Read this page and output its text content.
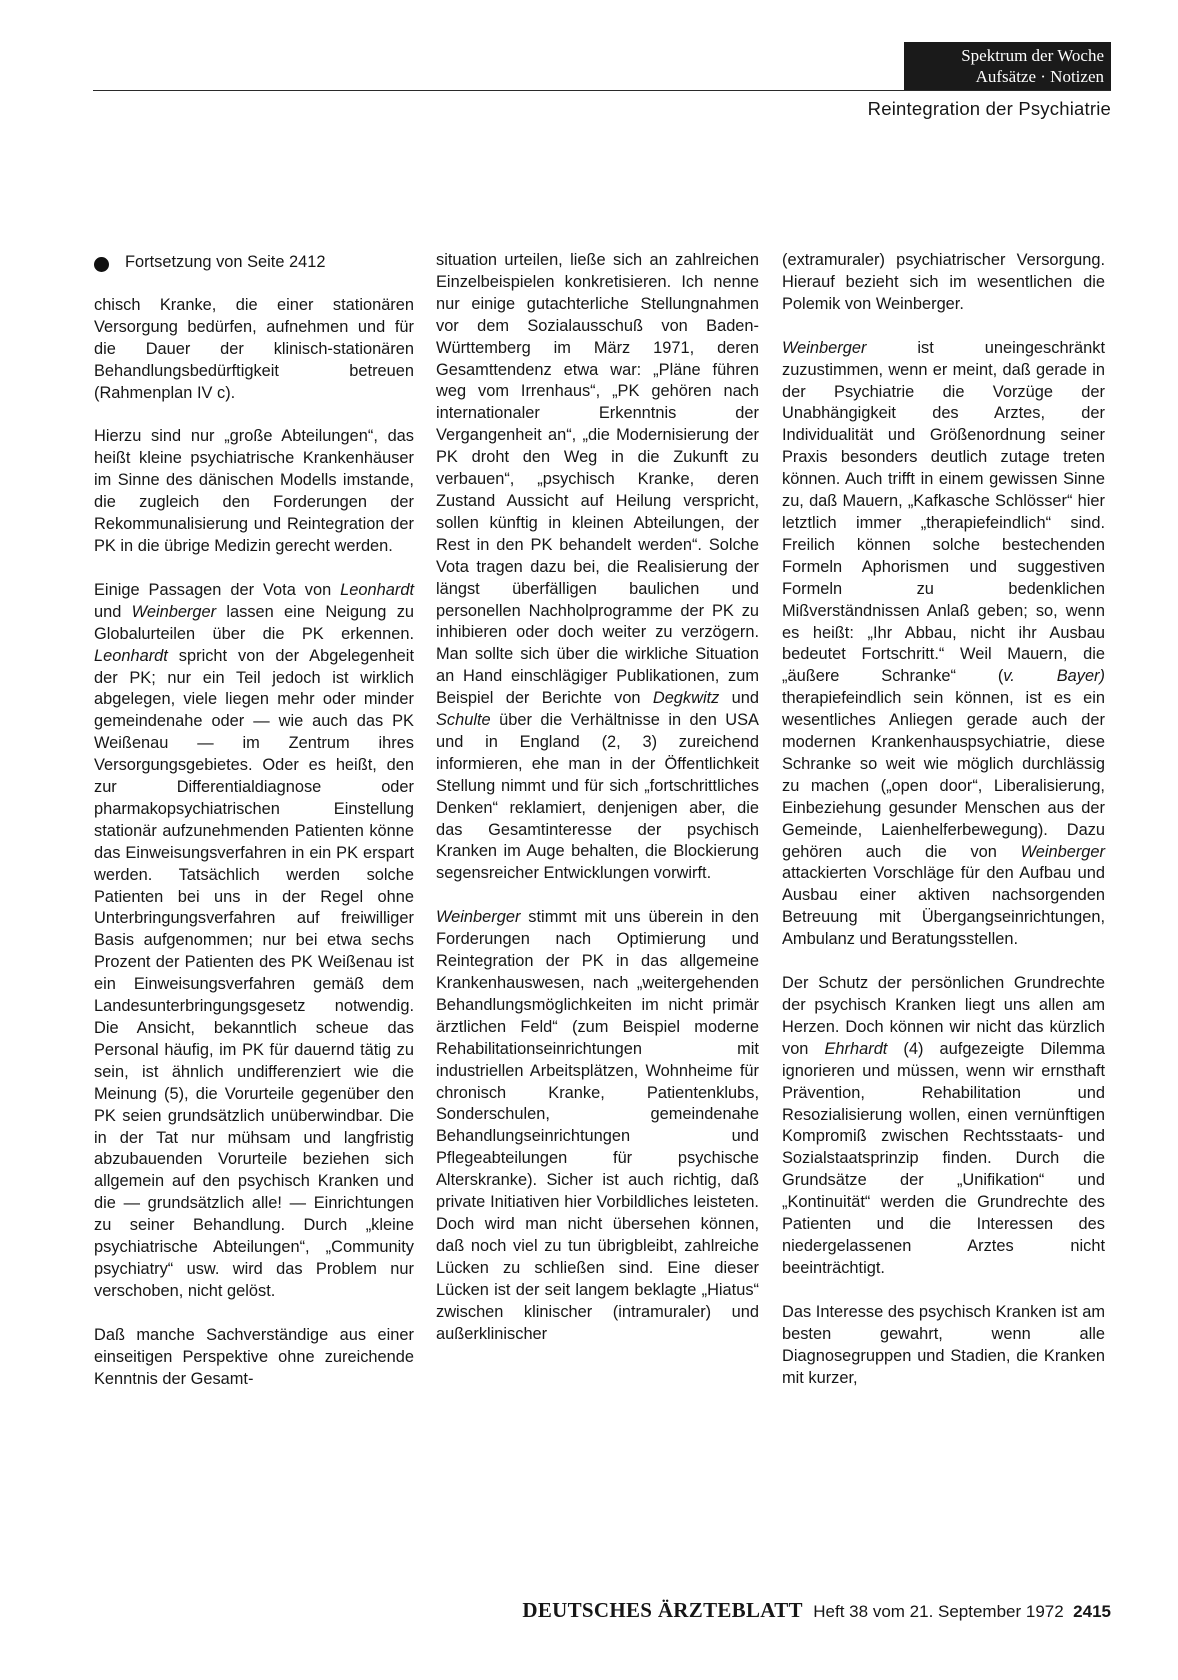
Spektrum der Woche
Aufsätze · Notizen
Reintegration der Psychiatrie

Fortsetzung von Seite 2412

chisch Kranke, die einer stationären Versorgung bedürfen, aufnehmen und für die Dauer der klinisch-stationären Behandlungsbedürftigkeit betreuen (Rahmenplan IV c).

Hierzu sind nur „große Abteilungen“, das heißt kleine psychiatrische Krankenhäuser im Sinne des dänischen Modells imstande, die zugleich den Forderungen der Rekommunalisierung und Reintegration der PK in die übrige Medizin gerecht werden.

Einige Passagen der Vota von Leonhardt und Weinberger lassen eine Neigung zu Globalurteilen über die PK erkennen. Leonhardt spricht von der Abgelegenheit der PK; nur ein Teil jedoch ist wirklich abgelegen, viele liegen mehr oder minder gemeindenahe oder — wie auch das PK Weißenau — im Zentrum ihres Versorgungsgebietes. Oder es heißt, den zur Differentialdiagnose oder pharmakopsychiatrischen Einstellung stationär aufzunehmenden Patienten könne das Einweisungsverfahren in ein PK erspart werden. Tatsächlich werden solche Patienten bei uns in der Regel ohne Unterbringungsverfahren auf freiwilliger Basis aufgenommen; nur bei etwa sechs Prozent der Patienten des PK Weißenau ist ein Einweisungsverfahren gemäß dem Landesunterbringungsgesetz notwendig. Die Ansicht, bekanntlich scheue das Personal häufig, im PK für dauernd tätig zu sein, ist ähnlich undifferenziert wie die Meinung (5), die Vorurteile gegenüber den PK seien grundsätzlich unüberwindbar. Die in der Tat nur mühsam und langfristig abzubauenden Vorurteile beziehen sich allgemein auf den psychisch Kranken und die — grundsätzlich alle! — Einrichtungen zu seiner Behandlung. Durch „kleine psychiatrische Abteilungen“, „Community psychiatry“ usw. wird das Problem nur verschoben, nicht gelöst.

Daß manche Sachverständige aus einer einseitigen Perspektive ohne zureichende Kenntnis der Gesamt-

situation urteilen, ließe sich an zahlreichen Einzelbeispielen konkretisieren. Ich nenne nur einige gutachterliche Stellungnahmen vor dem Sozialausschuß von Baden-Württemberg im März 1971, deren Gesamttendenz etwa war: „Pläne führen weg vom Irrenhaus“, „PK gehören nach internationaler Erkenntnis der Vergangenheit an“, „die Modernisierung der PK droht den Weg in die Zukunft zu verbauen“, „psychisch Kranke, deren Zustand Aussicht auf Heilung verspricht, sollen künftig in kleinen Abteilungen, der Rest in den PK behandelt werden“. Solche Vota tragen dazu bei, die Realisierung der längst überfälligen baulichen und personellen Nachholprogramme der PK zu inhibieren oder doch weiter zu verzögern. Man sollte sich über die wirkliche Situation an Hand einschlägiger Publikationen, zum Beispiel der Berichte von Degkwitz und Schulte über die Verhältnisse in den USA und in England (2, 3) zureichend informieren, ehe man in der Öffentlichkeit Stellung nimmt und für sich „fortschrittliches Denken“ reklamiert, denjenigen aber, die das Gesamtinteresse der psychisch Kranken im Auge behalten, die Blockierung segensreicher Entwicklungen vorwirft.

Weinberger stimmt mit uns überein in den Forderungen nach Optimierung und Reintegration der PK in das allgemeine Krankenhauswesen, nach „weitergehenden Behandlungsmöglichkeiten im nicht primär ärztlichen Feld“ (zum Beispiel moderne Rehabilitationseinrichtungen mit industriellen Arbeitsplätzen, Wohnheime für chronisch Kranke, Patientenklubs, Sonderschulen, gemeindenahe Behandlungseinrichtungen und Pflegeabteilungen für psychische Alterskranke). Sicher ist auch richtig, daß private Initiativen hier Vorbildliches leisteten. Doch wird man nicht übersehen können, daß noch viel zu tun übrigbleibt, zahlreiche Lücken zu schließen sind. Eine dieser Lücken ist der seit langem beklagte „Hiatus“ zwischen klinischer (intramuraler) und außerklinischer

(extramuraler) psychiatrischer Versorgung. Hierauf bezieht sich im wesentlichen die Polemik von Weinberger.

Weinberger ist uneingeschränkt zuzustimmen, wenn er meint, daß gerade in der Psychiatrie die Vorzüge der Unabhängigkeit des Arztes, der Individualität und Größenordnung seiner Praxis besonders deutlich zutage treten können. Auch trifft in einem gewissen Sinne zu, daß Mauern, „Kafkasche Schlösser“ hier letztlich immer „therapiefeindlich“ sind. Freilich können solche bestechenden Formeln Aphorismen und suggestiven Formeln zu bedenklichen Mißverständnissen Anlaß geben; so, wenn es heißt: „Ihr Abbau, nicht ihr Ausbau bedeutet Fortschritt.“ Weil Mauern, die „äußere Schranke“ (v. Bayer) therapiefeindlich sein können, ist es ein wesentliches Anliegen gerade auch der modernen Krankenhauspsychiatrie, diese Schranke so weit wie möglich durchlässig zu machen („open door“, Liberalisierung, Einbeziehung gesunder Menschen aus der Gemeinde, Laienhelferbewegung). Dazu gehören auch die von Weinberger attackierten Vorschläge für den Aufbau und Ausbau einer aktiven nachsorgenden Betreuung mit Übergangseinrichtungen, Ambulanz und Beratungsstellen.

Der Schutz der persönlichen Grundrechte der psychisch Kranken liegt uns allen am Herzen. Doch können wir nicht das kürzlich von Ehrhardt (4) aufgezeigte Dilemma ignorieren und müssen, wenn wir ernsthaft Prävention, Rehabilitation und Resozialisierung wollen, einen vernünftigen Kompromiß zwischen Rechtsstaats- und Sozialstaatsprinzip finden. Durch die Grundsätze der „Unifikation“ und „Kontinuität“ werden die Grundrechte des Patienten und die Interessen des niedergelassenen Arztes nicht beeinträchtigt.

Das Interesse des psychisch Kranken ist am besten gewahrt, wenn alle Diagnosegruppen und Stadien, die Kranken mit kurzer,

DEUTSCHES ÄRZTEBLATT Heft 38 vom 21. September 1972 2415
